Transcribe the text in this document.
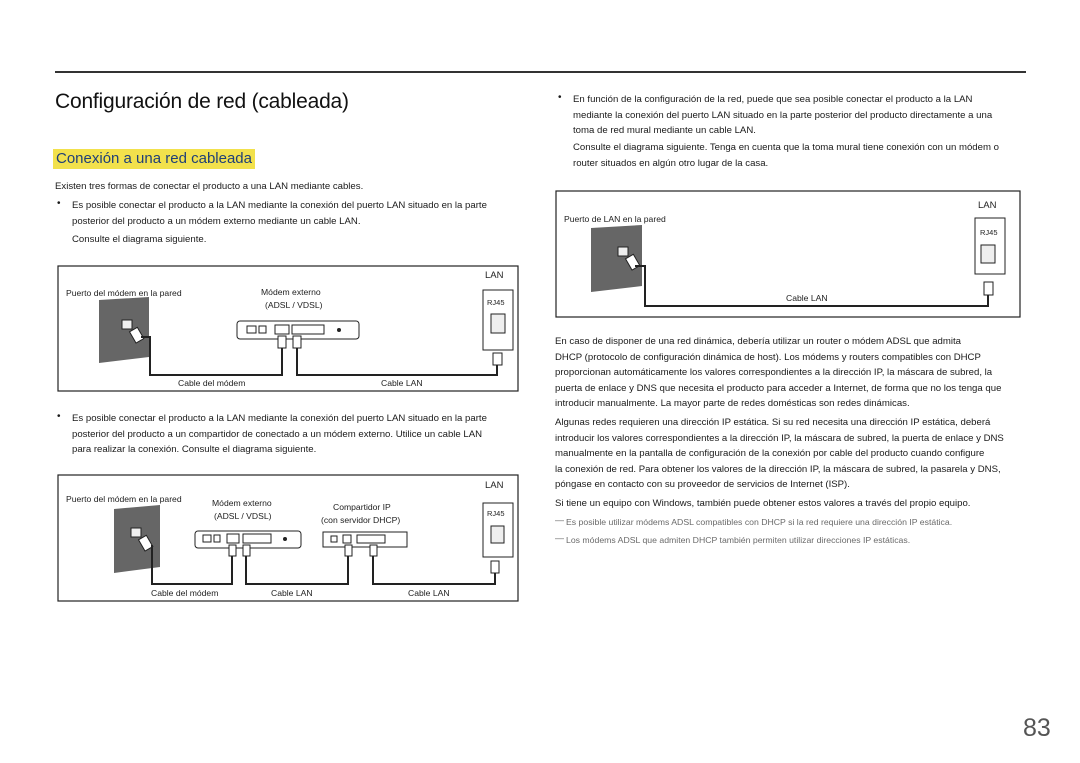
Configuración de red (cableada)
Conexión a una red cableada
Existen tres formas de conectar el producto a una LAN mediante cables.
• Es posible conectar el producto a la LAN mediante la conexión del puerto LAN situado en la parte
posterior del producto a un módem externo mediante un cable LAN.
Consulte el diagrama siguiente.
LAN
Puerto del módem en la pared	Módem externo
(ADSL / VDSL)	RJ45
Cable del módem	Cable LAN
• Es posible conectar el producto a la LAN mediante la conexión del puerto LAN situado en la parte
posterior del producto a un compartidor de conectado a un módem externo. Utilice un cable LAN
para realizar la conexión. Consulte el diagrama siguiente.
LAN
Puerto del módem en la pared	Módem externo
(ADSL / VDSL)
Compartidor IP
(con servidor DHCP)
RJ45
Cable del módem	Cable LAN	Cable LAN
• En función de la configuración de la red, puede que sea posible conectar el producto a la LAN
mediante la conexión del puerto LAN situado en la parte posterior del producto directamente a una
toma de red mural mediante un cable LAN.
Consulte el diagrama siguiente. Tenga en cuenta que la toma mural tiene conexión con un módem o
router situados en algún otro lugar de la casa.
LAN
Puerto de LAN en la pared
RJ45
Cable LAN
En caso de disponer de una red dinámica, debería utilizar un router o módem ADSL que admita
DHCP (protocolo de configuración dinámica de host). Los módems y routers compatibles con DHCP
proporcionan automáticamente los valores correspondientes a la dirección IP, la máscara de subred, la
puerta de enlace y DNS que necesita el producto para acceder a Internet, de forma que no los tenga que
introducir manualmente. La mayor parte de redes domésticas son redes dinámicas.
Algunas redes requieren una dirección IP estática. Si su red necesita una dirección IP estática, deberá
introducir los valores correspondientes a la dirección IP, la máscara de subred, la puerta de enlace y DNS
manualmente en la pantalla de configuración de la conexión por cable del producto cuando configure
la conexión de red. Para obtener los valores de la dirección IP, la máscara de subred, la pasarela y DNS,
póngase en contacto con su proveedor de servicios de Internet (ISP).
Si tiene un equipo con Windows, también puede obtener estos valores a través del propio equipo.
― Es posible utilizar módems ADSL compatibles con DHCP si la red requiere una dirección IP estática.
― Los módems ADSL que admiten DHCP también permiten utilizar direcciones IP estáticas.
83
